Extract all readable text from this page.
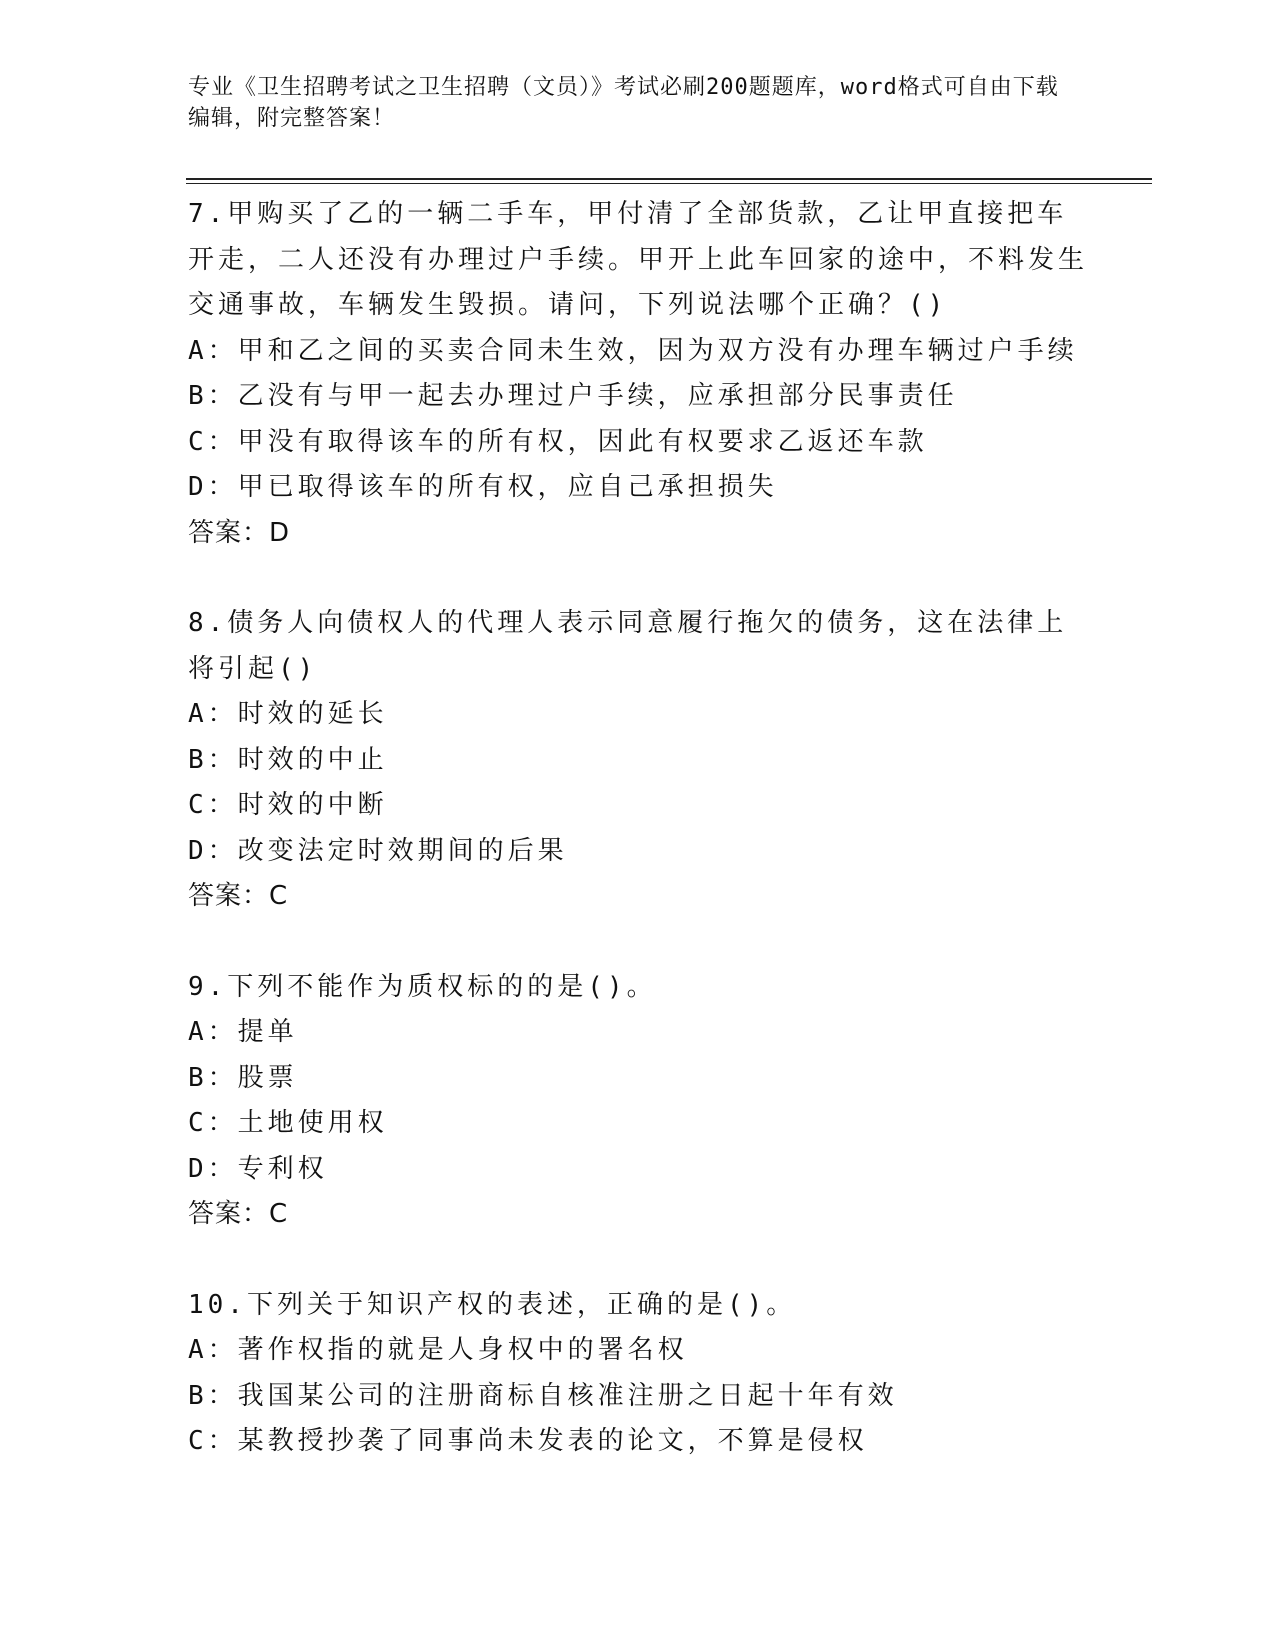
专业《卫生招聘考试之卫生招聘（文员）》考试必刷200题题库，word格式可自由下载编辑，附完整答案！
7.甲购买了乙的一辆二手车，甲付清了全部货款，乙让甲直接把车开走，二人还没有办理过户手续。甲开上此车回家的途中，不料发生交通事故，车辆发生毁损。请问，下列说法哪个正确？()
A：甲和乙之间的买卖合同未生效，因为双方没有办理车辆过户手续
B：乙没有与甲一起去办理过户手续，应承担部分民事责任
C：甲没有取得该车的所有权，因此有权要求乙返还车款
D：甲已取得该车的所有权，应自己承担损失
答案：D
8.债务人向债权人的代理人表示同意履行拖欠的债务，这在法律上将引起()
A：时效的延长
B：时效的中止
C：时效的中断
D：改变法定时效期间的后果
答案：C
9.下列不能作为质权标的的是()。
A：提单
B：股票
C：土地使用权
D：专利权
答案：C
10.下列关于知识产权的表述，正确的是()。
A：著作权指的就是人身权中的署名权
B：我国某公司的注册商标自核准注册之日起十年有效
C：某教授抄袭了同事尚未发表的论文，不算是侵权
